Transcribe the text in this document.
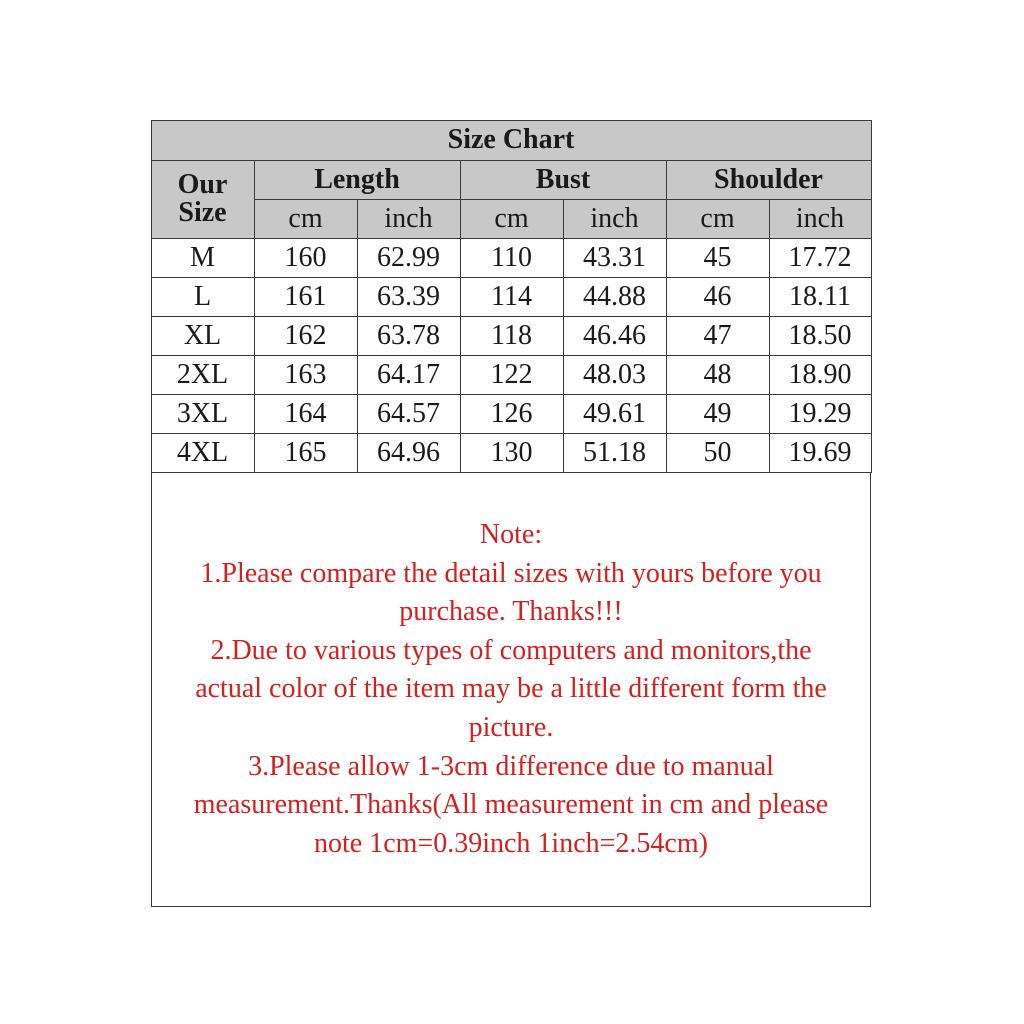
Size Chart						
Our
Size	Length		Bust		Shoulder	
	cm	inch	cm	inch	cm	inch
M	160	62.99	110	43.31	45	17.72
L	161	63.39	114	44.88	46	18.11
XL	162	63.78	118	46.46	47	18.50
2XL	163	64.17	122	48.03	48	18.90
3XL	164	64.57	126	49.61	49	19.29
4XL	165	64.96	130	51.18	50	19.69

Note:

1.Please compare the detail sizes with yours before you

purchase. Thanks!!!

2.Due to various types of computers and monitors,the

actual color of the item may be a little different form the

picture.

3.Please allow 1-3cm difference due to manual

measurement.Thanks(All measurement in cm and please

note 1cm=0.39inch 1inch=2.54cm)
